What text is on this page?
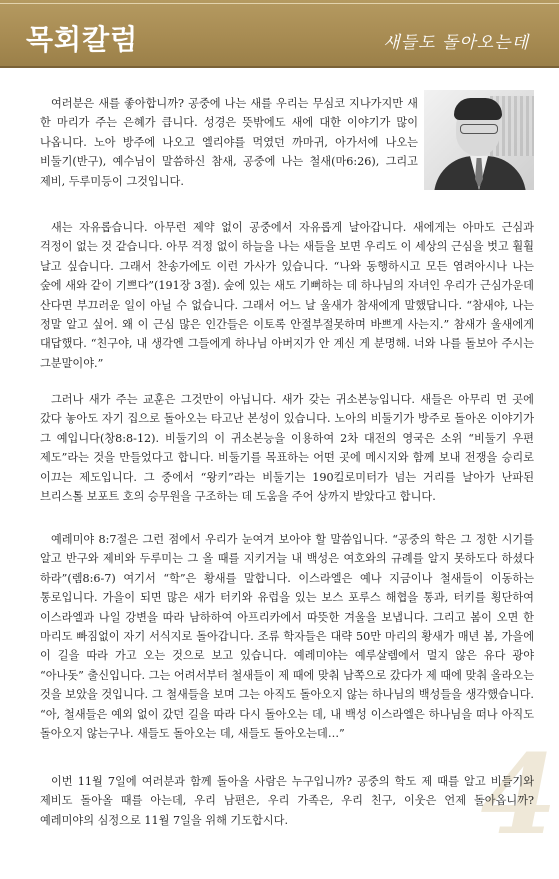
목회칼럼	새들도 돌아오는데
4

여러분은 새를 좋아합니까? 공중에 나는 새를 우리는 무심코 지나가지만 새 한 마리가 주는 은혜가 큽니다. 성경은 뜻밖에도 새에 대한 이야기가 많이 나옵니다. 노아 방주에 나오고 엘리야를 먹였던 까마귀, 아가서에 나오는 비둘기(반구), 예수님이 말씀하신 참새, 공중에 나는 철새(마6:26), 그리고 제비, 두루미등이 그것입니다.

새는 자유롭습니다. 아무런 제약 없이 공중에서 자유롭게 날아갑니다. 새에게는 아마도 근심과 걱정이 없는 것 같습니다. 아무 걱정 없이 하늘을 나는 새들을 보면 우리도 이 세상의 근심을 벗고 훨훨 날고 싶습니다. 그래서 찬송가에도 이런 가사가 있습니다. “나와 동행하시고 모든 염려아시나 나는 숲에 새와 같이 기쁘다”(191장 3절). 숲에 있는 새도 기뻐하는 데 하나님의 자녀인 우리가 근심가운데 산다면 부끄러운 일이 아닐 수 없습니다. 그래서 어느 날 울새가 참새에게 말했답니다. “참새야, 나는 정말 알고 싶어. 왜 이 근심 많은 인간들은 이토록 안절부절못하며 바쁘게 사는지.” 참새가 울새에게 대답했다. “친구야, 내 생각엔 그들에게 하나님 아버지가 안 계신 게 분명해. 너와 나를 돌보아 주시는 그분말이야.”

그러나 새가 주는 교훈은 그것만이 아닙니다. 새가 갖는 귀소본능입니다. 새들은 아무리 먼 곳에 갔다 놓아도 자기 집으로 돌아오는 타고난 본성이 있습니다. 노아의 비둘기가 방주로 돌아온 이야기가 그 예입니다(창8:8-12). 비둘기의 이 귀소본능을 이용하여 2차 대전의 영국은 소위 “비둘기 우편 제도”라는 것을 만들었다고 합니다. 비둘기를 목표하는 어떤 곳에 메시지와 함께 보내 전쟁을 승리로 이끄는 제도입니다. 그 중에서 “왕키”라는 비둘기는 190킬로미터가 넘는 거리를 날아가 난파된 브리스톨 보포트 호의 승무원을 구조하는 데 도움을 주어 상까지 받았다고 합니다.

예레미야 8:7절은 그런 점에서 우리가 눈여겨 보아야 할 말씀입니다. “공중의 학은 그 정한 시기를 알고 반구와 제비와 두루미는 그 올 때를 지키거늘 내 백성은 여호와의 규례를 알지 못하도다 하셨다 하라”(렘8:6-7) 여기서 “학”은 황새를 말합니다. 이스라엘은 예나 지금이나 철새들이 이동하는 통로입니다. 가을이 되면 많은 새가 터키와 유럽을 있는 보스 포루스 해협을 통과, 터키를 횡단하여 이스라엘과 나일 강변을 따라 남하하여 아프리카에서 따뜻한 겨울을 보냅니다. 그리고 봄이 오면 한 마리도 빠짐없이 자기 서식지로 돌아갑니다. 조류 학자들은 대략 50만 마리의 황새가 매년 봄, 가을에 이 길을 따라 가고 오는 것으로 보고 있습니다. 예레미야는 예루살렘에서 멀지 않은 유다 광야 “아나돗” 출신입니다. 그는 어려서부터 철새들이 제 때에 맞춰 남쪽으로 갔다가 제 때에 맞춰 올라오는 것을 보았을 것입니다. 그 철새들을 보며 그는 아직도 돌아오지 않는 하나님의 백성들을 생각했습니다. “아, 철새들은 예외 없이 갔던 길을 따라 다시 돌아오는 데, 내 백성 이스라엘은 하나님을 떠나 아직도 돌아오지 않는구나. 새들도 돌아오는 데, 새들도 돌아오는데…”

이번 11월 7일에 여러분과 함께 돌아올 사람은 누구입니까? 공중의 학도 제 때를 알고 비들기와 제비도 돌아올 때를 아는데, 우리 남편은, 우리 가족은, 우리 친구, 이웃은 언제 돌아옵니까? 예레미야의 심정으로 11월 7일을 위해 기도합시다.
